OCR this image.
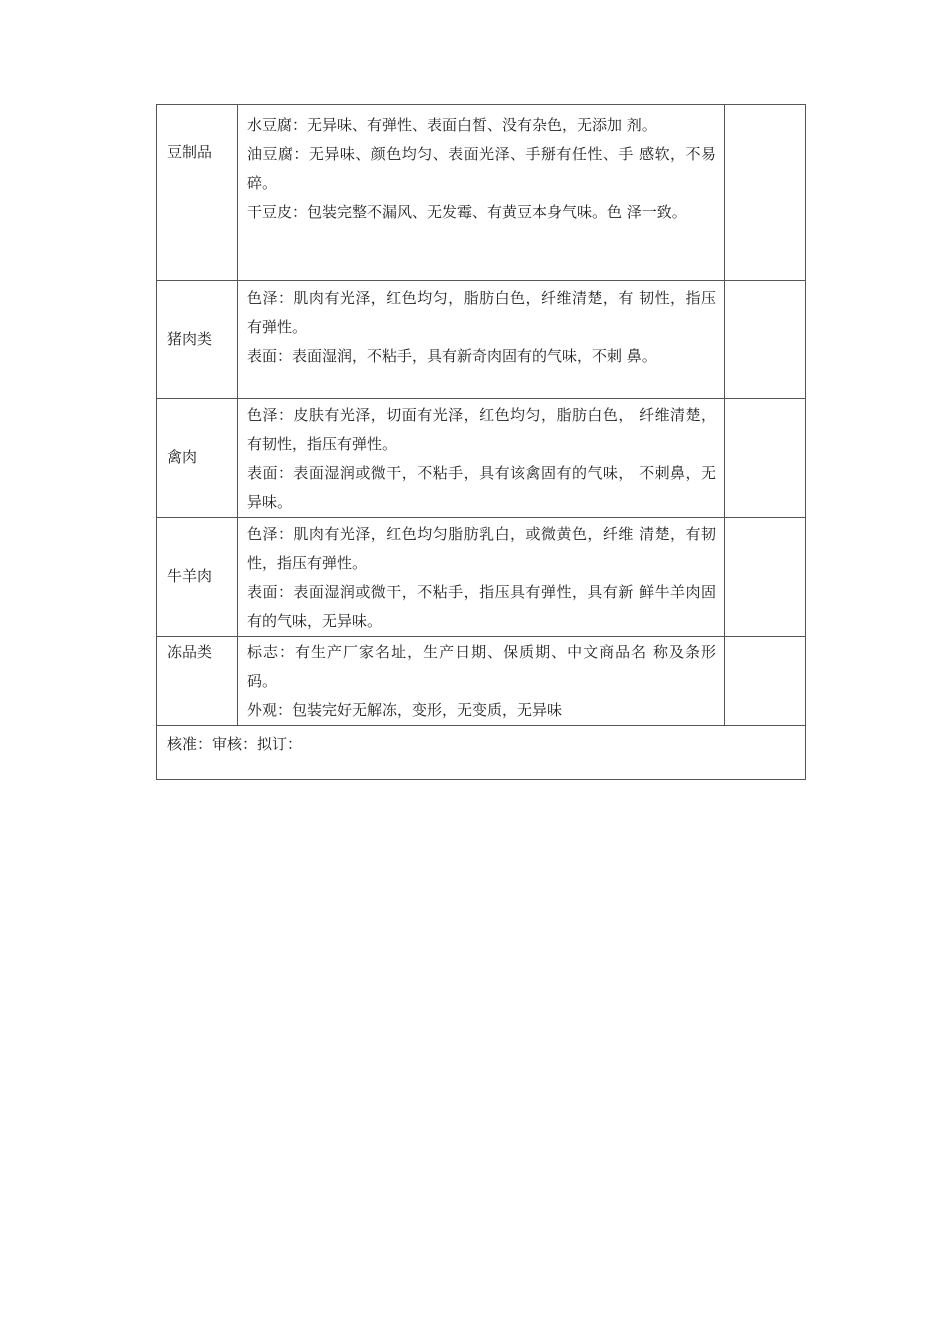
豆制品	水豆腐：无异味、有弹性、表面白皙、没有杂色，无添加 剂。
油豆腐：无异味、颜色均匀、表面光泽、手掰有任性、手 感软，不易碎。
干豆皮：包装完整不漏风、无发霉、有黄豆本身气味。色 泽一致。	

猪肉类	色泽：肌肉有光泽，红色均匀，脂肪白色，纤维清楚，有 韧性，指压有弹性。
表面：表面湿润，不粘手，具有新奇肉固有的气味，不刺 鼻。	

禽肉	色泽：皮肤有光泽，切面有光泽，红色均匀，脂肪白色， 纤维清楚，有韧性，指压有弹性。
表面：表面湿润或微干，不粘手，具有该禽固有的气味， 不刺鼻，无异味。	

牛羊肉	色泽：肌肉有光泽，红色均匀脂肪乳白，或微黄色，纤维 清楚，有韧性，指压有弹性。
表面：表面湿润或微干，不粘手，指压具有弹性，具有新 鲜牛羊肉固有的气味，无异味。	

冻品类	标志：有生产厂家名址，生产日期、保质期、中文商品名 称及条形码。
外观：包装完好无解冻，变形，无变质，无异味	

核准：审核：拟订：		
